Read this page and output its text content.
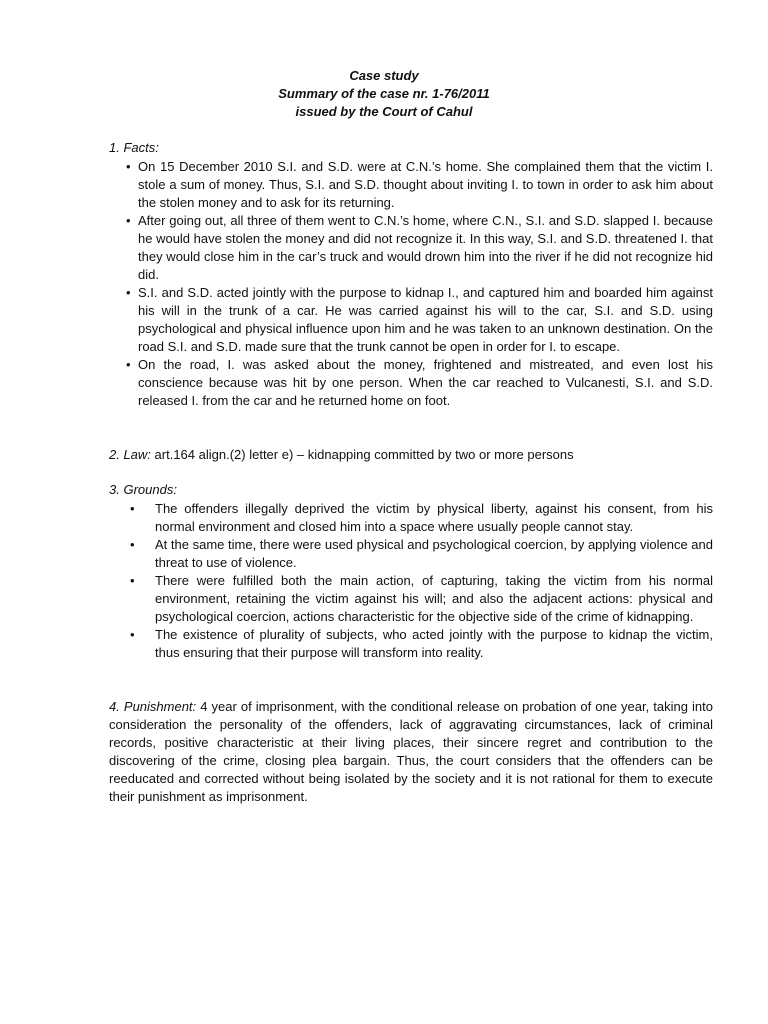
Case study
Summary of the case nr. 1-76/2011
issued by the Court of Cahul
1. Facts:
• On 15 December 2010 S.I. and S.D. were at C.N.’s home. She complained them that the victim I. stole a sum of money. Thus, S.I. and S.D. thought about inviting I. to town in order to ask him about the stolen money and to ask for its returning.
• After going out, all three of them went to C.N.’s home, where C.N., S.I. and S.D. slapped I. because he would have stolen the money and did not recognize it. In this way, S.I. and S.D. threatened I. that they would close him in the car’s truck and would drown him into the river if he did not recognize hid did.
• S.I. and S.D. acted jointly with the purpose to kidnap I., and captured him and boarded him against his will in the trunk of a car. He was carried against his will to the car, S.I. and S.D. using psychological and physical influence upon him and he was taken to an unknown destination. On the road S.I. and S.D. made sure that the trunk cannot be open in order for I. to escape.
• On the road, I. was asked about the money, frightened and mistreated, and even lost his conscience because was hit by one person. When the car reached to Vulcanesti, S.I. and S.D. released I. from the car and he returned home on foot.
2. Law: art.164 align.(2) letter e) – kidnapping committed by two or more persons
3. Grounds:
• The offenders illegally deprived the victim by physical liberty, against his consent, from his normal environment and closed him into a space where usually people cannot stay.
• At the same time, there were used physical and psychological coercion, by applying violence and threat to use of violence.
• There were fulfilled both the main action, of capturing, taking the victim from his normal environment, retaining the victim against his will; and also the adjacent actions: physical and psychological coercion, actions characteristic for the objective side of the crime of kidnapping.
• The existence of plurality of subjects, who acted jointly with the purpose to kidnap the victim, thus ensuring that their purpose will transform into reality.
4. Punishment: 4 year of imprisonment, with the conditional release on probation of one year, taking into consideration the personality of the offenders, lack of aggravating circumstances, lack of criminal records, positive characteristic at their living places, their sincere regret and contribution to the discovering of the crime, closing plea bargain. Thus, the court considers that the offenders can be reeducated and corrected without being isolated by the society and it is not rational for them to execute their punishment as imprisonment.
